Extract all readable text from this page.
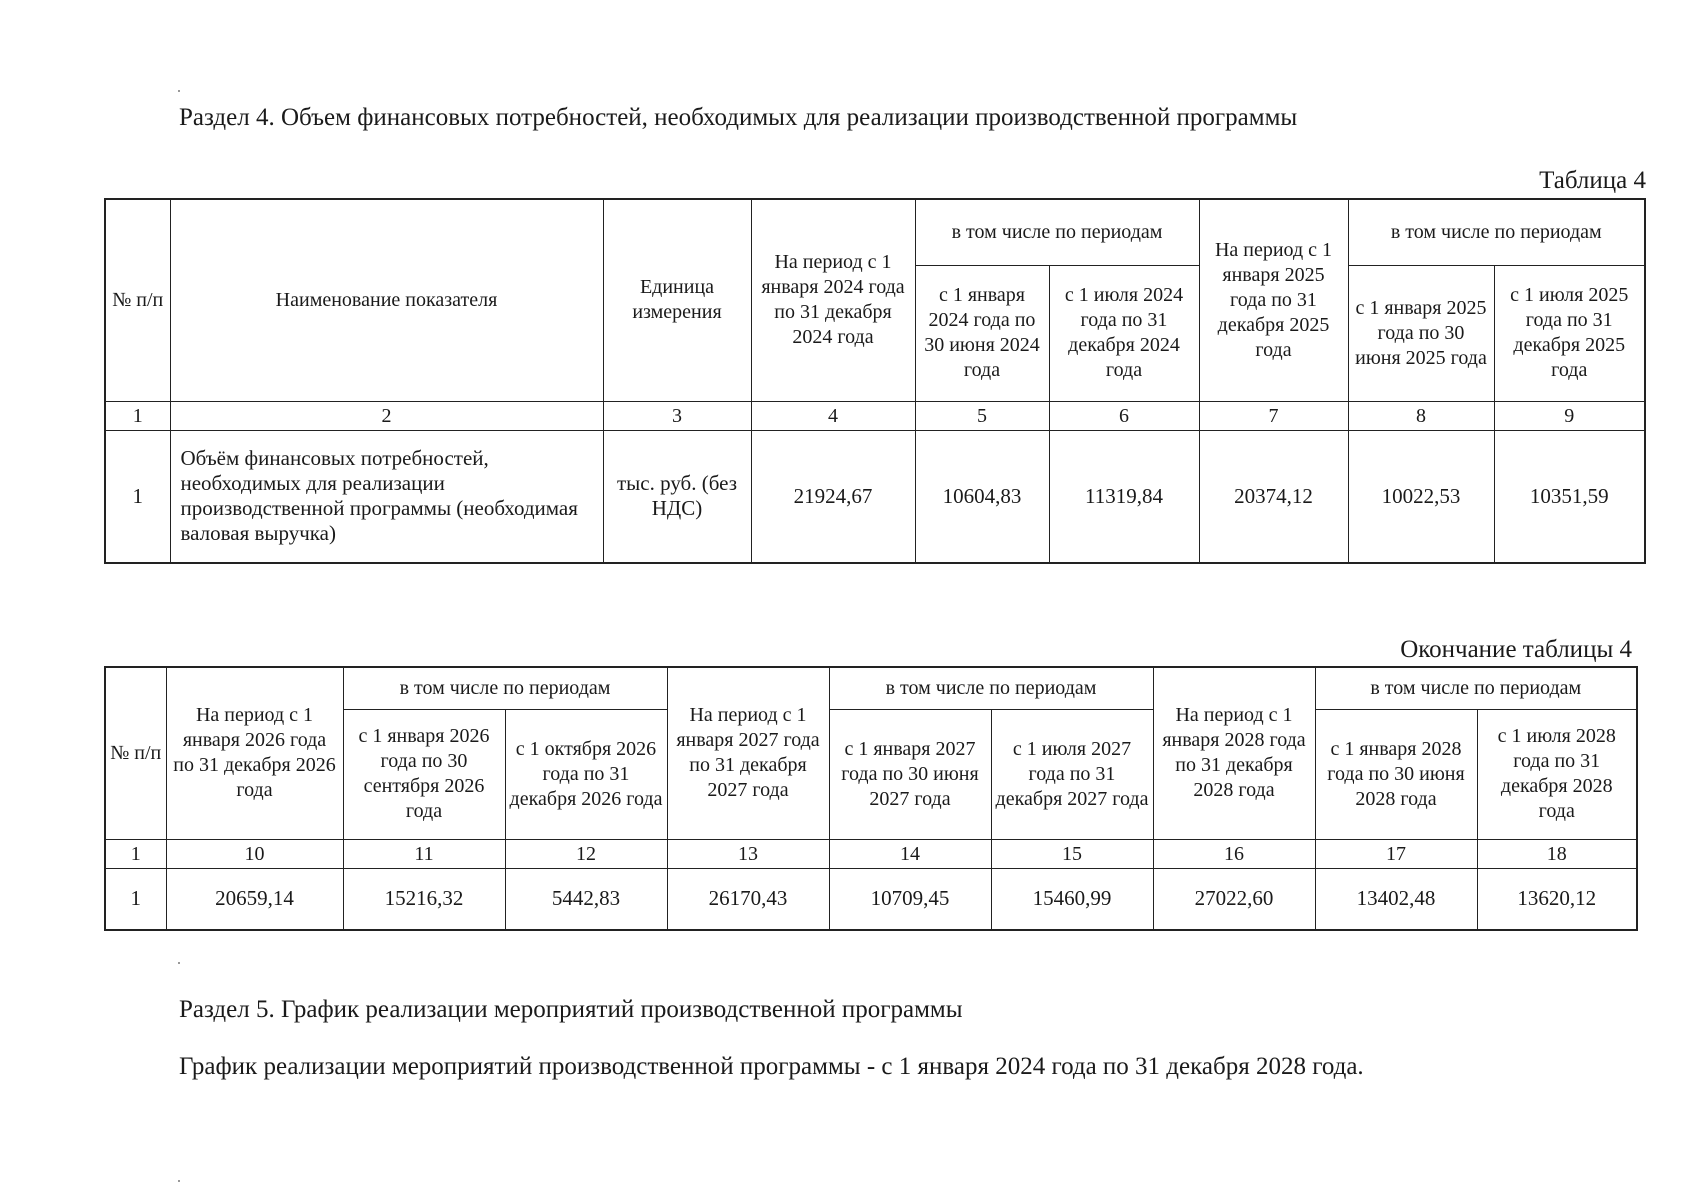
Раздел 4. Объем финансовых потребностей, необходимых для реализации производственной программы
Таблица 4
№ п/п	Наименование показателя	Единица измерения	На период с 1 января 2024 года по 31 декабря 2024 года	в том числе по периодам		На период с 1 января 2025 года по 31 декабря 2025 года	в том числе по периодам	
				с 1 января 2024 года по 30 июня 2024 года	с 1 июля 2024 года по 31 декабря 2024 года		с 1 января 2025 года по 30 июня 2025 года	с 1 июля 2025 года по 31 декабря 2025 года
1	2	3	4	5	6	7	8	9
1	Объём финансовых потребностей, необходимых для реализации производственной программы (необходимая валовая выручка)	тыс. руб. (без НДС)	21924,67	10604,83	11319,84	20374,12	10022,53	10351,59
Окончание таблицы 4
№ п/п	На период с 1 января 2026 года по 31 декабря 2026 года	в том числе по периодам		На период с 1 января 2027 года по 31 декабря 2027 года	в том числе по периодам		На период с 1 января 2028 года по 31 декабря 2028 года	в том числе по периодам	
		с 1 января 2026 года по 30 сентября 2026 года	с 1 октября 2026 года по 31 декабря 2026 года		с 1 января 2027 года по 30 июня 2027 года	с 1 июля 2027 года по 31 декабря 2027 года		с 1 января 2028 года по 30 июня 2028 года	с 1 июля 2028 года по 31 декабря 2028 года
1	10	11	12	13	14	15	16	17	18
1	20659,14	15216,32	5442,83	26170,43	10709,45	15460,99	27022,60	13402,48	13620,12
Раздел 5. График реализации мероприятий производственной программы
График реализации мероприятий производственной программы - с 1 января 2024 года по 31 декабря 2028 года.
